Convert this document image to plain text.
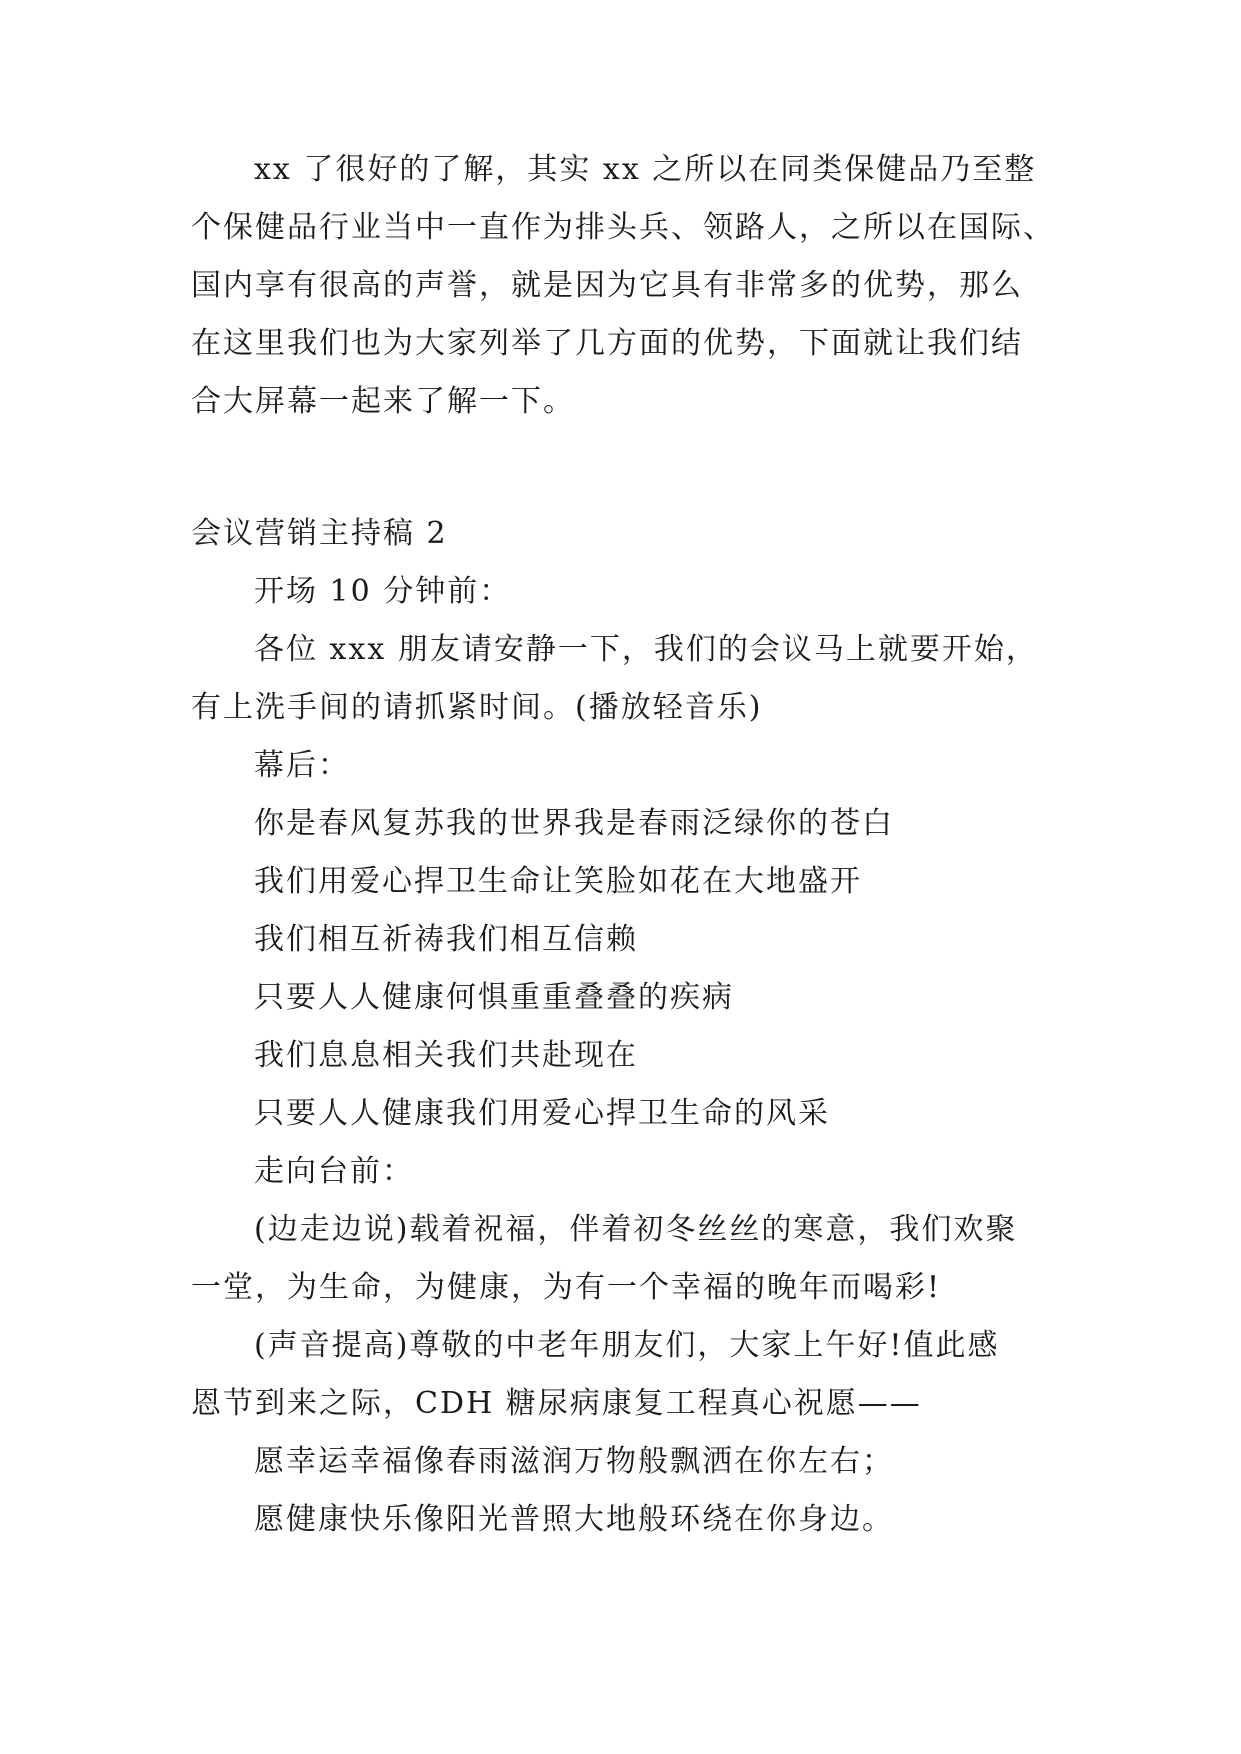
xx 了很好的了解，其实 xx 之所以在同类保健品乃至整
个保健品行业当中一直作为排头兵、领路人，之所以在国际、
国内享有很高的声誉，就是因为它具有非常多的优势，那么
在这里我们也为大家列举了几方面的优势，下面就让我们结
合大屏幕一起来了解一下。
会议营销主持稿 2
开场 10 分钟前：
各位 xxx 朋友请安静一下，我们的会议马上就要开始，
有上洗手间的请抓紧时间。(播放轻音乐)
幕后：
你是春风复苏我的世界我是春雨泛绿你的苍白
我们用爱心捍卫生命让笑脸如花在大地盛开
我们相互祈祷我们相互信赖
只要人人健康何惧重重叠叠的疾病
我们息息相关我们共赴现在
只要人人健康我们用爱心捍卫生命的风采
走向台前：
(边走边说)载着祝福，伴着初冬丝丝的寒意，我们欢聚
一堂，为生命，为健康，为有一个幸福的晚年而喝彩!
(声音提高)尊敬的中老年朋友们，大家上午好!值此感
恩节到来之际，CDH 糖尿病康复工程真心祝愿——
愿幸运幸福像春雨滋润万物般飘洒在你左右；
愿健康快乐像阳光普照大地般环绕在你身边。
